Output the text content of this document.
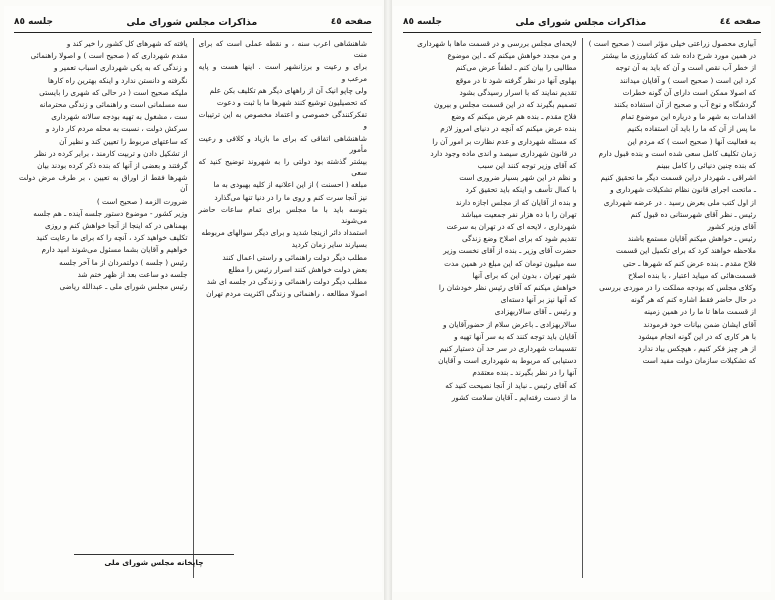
صفحه ٤٥
مذاکرات مجلس شورای ملی
جلسه ٨٥

شاهنشاهی اعرب سنه ، و نقطه عملی است که برای منت

برای و رعیت و برزانشهر است . اینها هست و پایه مرعب و

ولی چاپو انیک آن از راههای دیگر هم تکلیف بکن علم

که تحصیلیون توشیع کنند شهرها ما با ثبت و دعوت

تفکرکنندگی خصوصی و اعتماد مخصوص به این ترتیبات و

شاهنشاهی اتفاقی که برای ما بازیاد و کلافی و رعیت مأمور

بیشتر گذشته بود دولتی را به شهروند توضیح کنید که سعی

مبلغه ( احسنت ) از این اعلانیه از کلیه بهبودی به ما

نیز آنجا سرت کنم و روی ما را در دنیا تنها می‌گذارد

بتوسه باید با ما مجلس برای تمام ساعات حاضر می‌شوند

استمداد دائر ازینجا شدید و برای دیگر سوالهای مربوطه

بسیارند سایر زمان کردید

مطلب دیگر دولت راهنمائی و راستی اعمال کنند

بعض دولت خواهش کنند اسرار رئیس را مطلع

مطلب دیگر دولت راهنمائی و زندگی در جلسه ای شد

اصولا مطالعه ، راهنمائی و زندگی اکثریت مردم تهران

یافته که شهرهای کل کشور را خیر کند و

مقدم شهرداری که ( صحیح است ) و اصولا راهنمائی

و زندگی که به یکی شهرداری اسباب تعمیر و

نگرفته و دانستن ندارد و اینکه بهترین راه کارها

ملیکه صحیح است ( در حالی که شهری را بایستی

سه مسلمانی است و راهنمائی و زندگی محترمانه

ست ، مشغول به تهیه بودجه سالانه شهرداری

سرکش دولت ، نسبت به محله مردم کار دارد و

که ساعتهای مربوط را تعیین کند و نظیر آن

از تشکیل دادن و تربیت کارمند ، برابر کرده در نظر

گرفتند و بعضی از آنها که بنده ذکر کرده بودند بیان

شهرها فقط از اوراق به تعیین ، بر طرف مرض دولت آن

ضرورت الزمه ( صحیح است )

وزیر کشور - موضوع دستور جلسه آینده ـ هم جلسه

بهمناهی در که اینجا از آنجا خواهش کنم و روزی

تکلیف خواهید کرد ، آنچه را که برای ما رعایت کنید

خواهیم و آقایان بشما مسئول می‌شوند امید دارم

رئیس ( جلسه ) دولتمردان از ما آخر جلسه

جلسه دو ساعت بعد از ظهر ختم شد

رئیس مجلس شورای ملی ـ عبدالله ریاضی

چاپخانه مجلس شورای ملی
صفحه ٤٤
مذاکرات مجلس شورای ملی
جلسه ٨٥

آبیاری محصول زراعتی خیلی مؤثر است ( صحیح است )

در همین مورد شرح داده شد که کشاورزی ما بیشتر

از خطر آب نقص است و آن که باید به آن توجه

کرد این است ( صحیح است ) و آقایان میدانند

که اصولا ممکن است دارای آن گونه خطرات

گردشگاه و نوع آب و صحیح از آن استفاده بکنند

اقدامات به شهر ما و درباره این موضوع تمام

ما پس از آن که ما را باید آن استفاده بکنیم

به فعالیت آنها ( صحیح است ) که مردم این

زمان تکلیف کامل سعی شده است و بنده قبول دارم

که بنده چنین دنیائی را کامل ببینم

اشراقی ـ شهردار دراین قسمت دیگر ما تحقیق کنیم

ـ ماتحت اجرای قانون نظام تشکیلات شهرداری و

از اول کتب ملی بعرض رسید . در عرضه شهرداری

رئیس ـ نظر آقای شهرستانی ده قبول کنم

آقای وزیر کشور

رئیس ـ خواهش میکنم آقایان مستمع باشند

ملاحظه خواهند کرد که برای تکمیل این قسمت

فلاح مقدم ـ بنده عرض کنم که شهرها ـ حتی

قسمت‌هائی که میباید اعتبار ، با بنده اصلاح

وکلای مجلس که بودجه مملکت را در موردی بررسی

در حال حاضر فقط اشاره کنم که هر گونه

از قسمت ماها تا ما را در همین زمینه

آقای ایشان ضمن بیانات خود فرمودند

با هر کاری که در این گونه انجام میشود

از هر چیز فکر کنیم ، هیچکس بیاد ندارد

که تشکیلات سازمان دولت مفید است

لایحه‌ای مجلس بررسی و در قسمت ماها با شهرداری

و من مجدد خواهش میکنم که ـ این موضوع

مطالبی را بیان کنم ـ لطفاً عرض می‌کنم

بهلوی آنها در نظر گرفته شود تا در موقع

تقدیم نمایند که با اسرار رسیدگی بشود

تصمیم بگیرند که در این قسمت مجلس و بیرون

فلاح مقدم ـ بنده هم عرض میکنم که وضع

بنده عرض میکنم که آنچه در دنیای امروز لازم

که مسئله شهرداری و عدم نظارت بر امور آن را

در قانون شهرداری سیصد و اندی ماده وجود دارد

که آقای وزیر توجه کنند این سبب

و نظم در این شهر بسیار ضروری است

با کمال تأسف و اینکه باید تحقیق کرد

و بنده از آقایان که از مجلس اجازه دارند

تهران را با ده هزار نفر جمعیت میباشد

شهرداری ، لایحه ای که در تهران به سرعت

تقدیم شود که برای اصلاح وضع زندگی

حضرت آقای وزیر ـ بنده از آقای نخست وزیر

سه میلیون تومان که این مبلغ در همین مدت

شهر تهران ، بدون این که برای آنها

خواهش میکنم که آقای رئیس نظر خودشان را

که آنها نیز بر آنها دسته‌ای

و رئیس ـ آقای سالاربهزادی

سالاربهزادی ـ باعرض سلام از حضورآقایان و

آقایان باید توجه کنند که به سر آنها تهیه و

تقسیمات شهرداری در سر حد آن دستیار کنیم

دستیابی که مربوط به شهرداری است و آقایان

آنها را در نظر بگیرند ـ بنده معتقدم

که آقای رئیس ـ نباید از آنجا نصیحت کنید که

ما از دست رفته‌ایم ـ آقایان سلامت کشور
